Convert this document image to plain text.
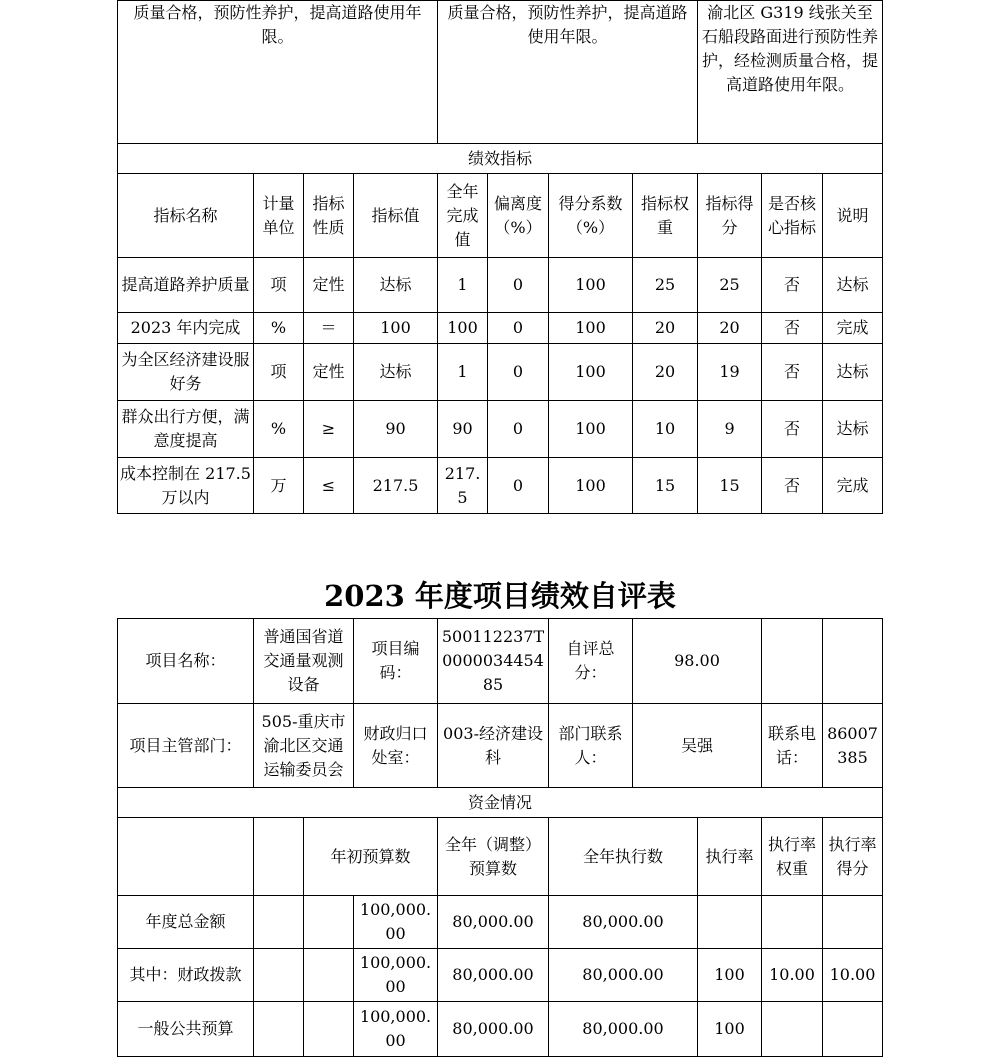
质量合格，预防性养护，提高道路使用年限。				质量合格，预防性养护，提高道路使用年限。				渝北区 G319 线张关至石船段路面进行预防性养护，经检测质量合格，提高道路使用年限。		
绩效指标										
指标名称	计量单位	指标性质	指标值	全年完成值	偏离度（%）	得分系数（%）	指标权重	指标得分	是否核心指标	说明
提高道路养护质量	项	定性	达标	1	0	100	25	25	否	达标
2023 年内完成	%	＝	100	100	0	100	20	20	否	完成
为全区经济建设服好务	项	定性	达标	1	0	100	20	19	否	达标
群众出行方便，满意度提高	%	≥	90	90	0	100	10	9	否	达标
成本控制在 217.5 万以内	万	≤	217.5	217.5	0	100	15	15	否	完成
2023 年度项目绩效自评表
项目名称：	普通国省道交通量观测设备		项目编码：	500112237T000003445485	自评总分：	98.00			
项目主管部门：	505-重庆市渝北区交通运输委员会		财政归口处室：	003-经济建设科	部门联系人：	吴强		联系电话：	86007385
资金情况									
		年初预算数		全年（调整）预算数	全年执行数		执行率	执行率权重	执行率得分
年度总金额			100,000.00	80,000.00	80,000.00				
其中：财政拨款			100,000.00	80,000.00	80,000.00		100	10.00	10.00
一般公共预算			100,000.00	80,000.00	80,000.00		100		
